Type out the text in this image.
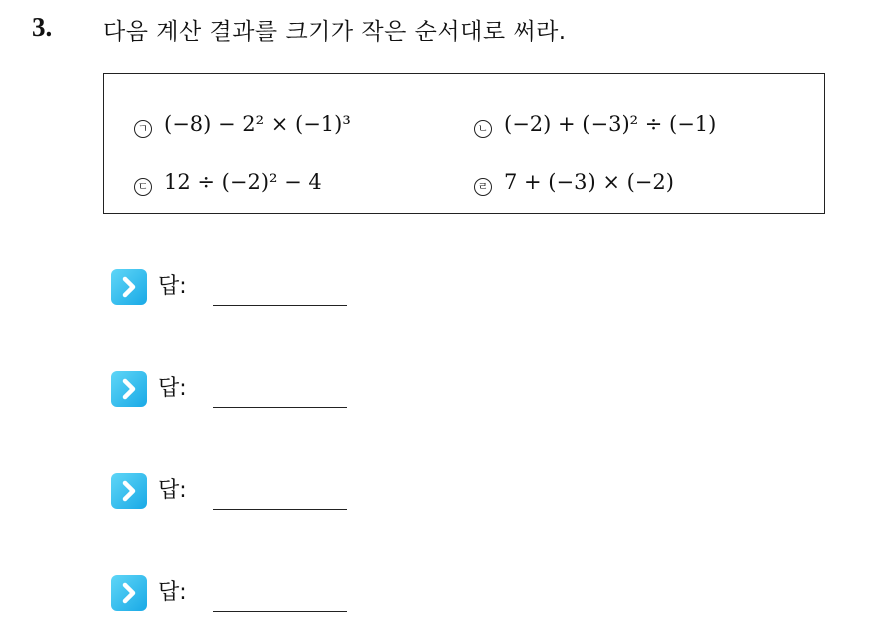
3. 다음 계산 결과를 크기가 작은 순서대로 써라.
ㄱ (−8) − 2² × (−1)³	ㄴ (−2) + (−3)² ÷ (−1)
ㄷ 12 ÷ (−2)² − 4	ㄹ 7 + (−3) × (−2)
답:
답:
답:
답:
